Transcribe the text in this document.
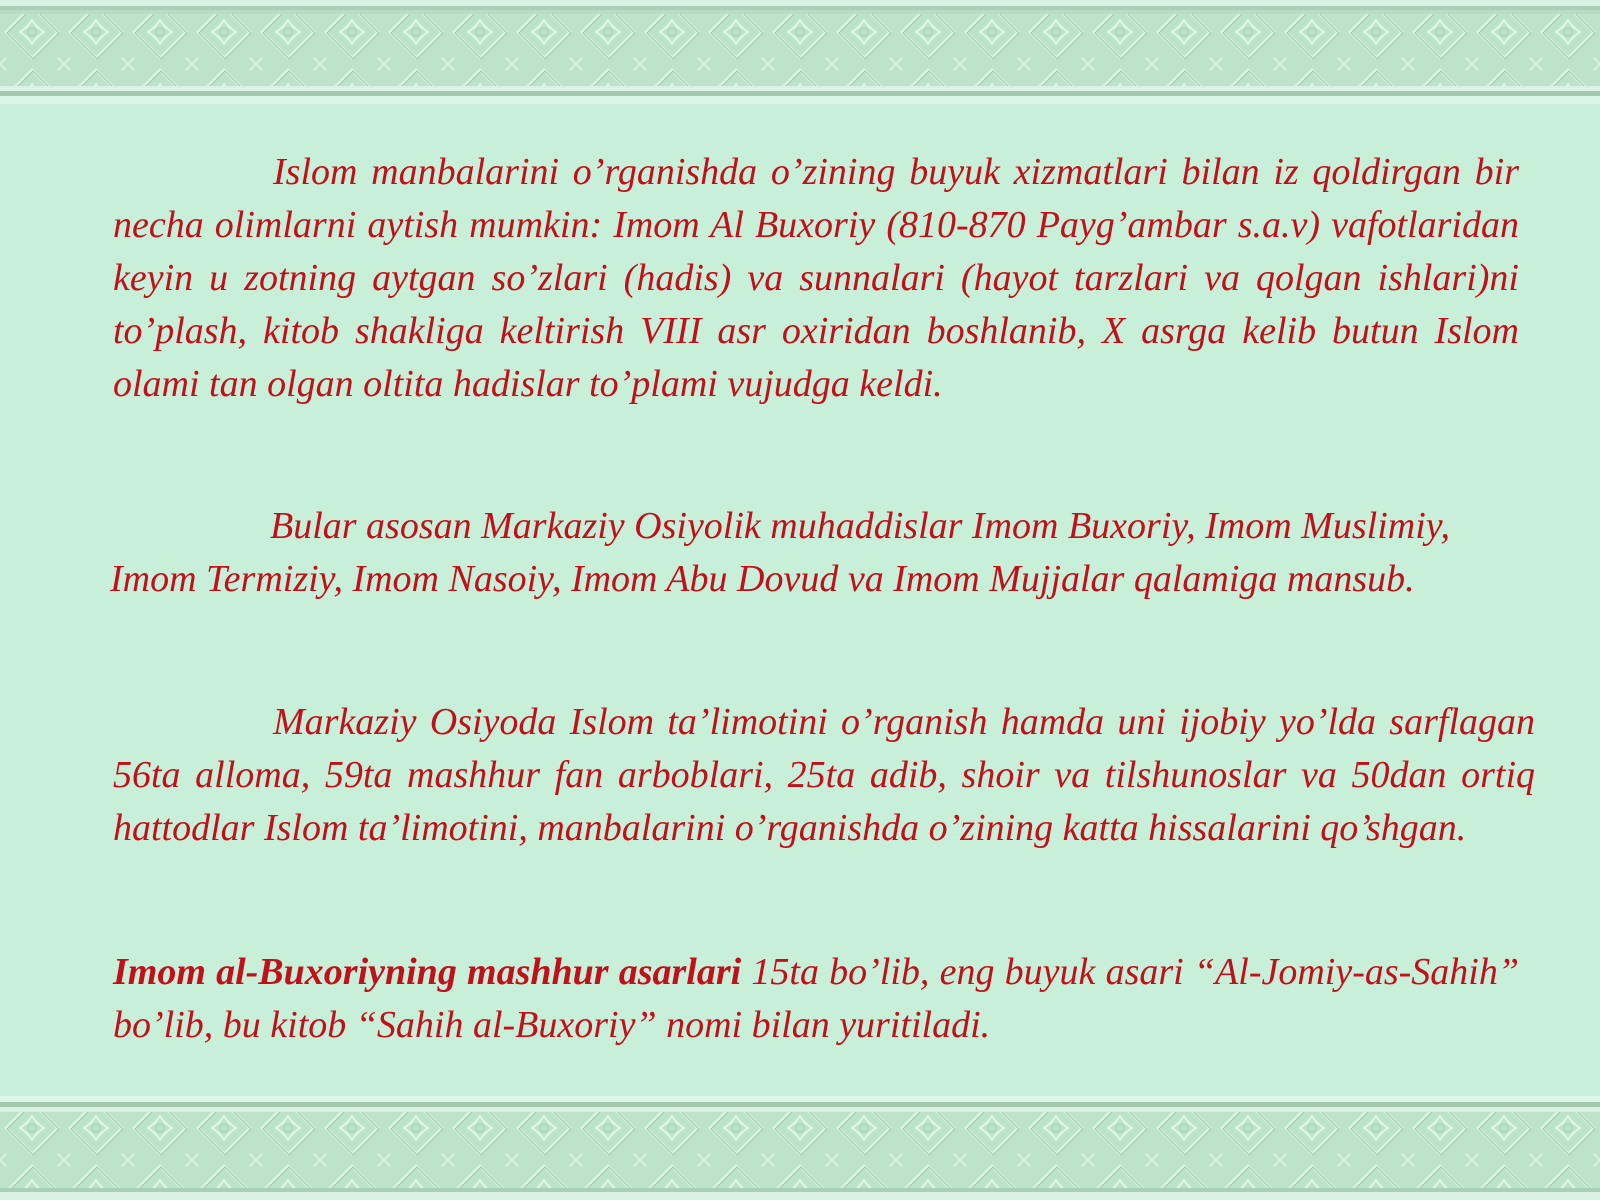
Islom manbalarini o’rganishda o’zining buyuk xizmatlari bilan iz qoldirgan bir necha olimlarni aytish mumkin: Imom Al Buxoriy (810-870 Payg’ambar s.a.v) vafotlaridan keyin u zotning aytgan so’zlari (hadis) va sunnalari (hayot tarzlari va qolgan ishlari)ni to’plash, kitob shakliga keltirish VIII asr oxiridan boshlanib, X asrga kelib butun Islom olami tan olgan oltita hadislar to’plami vujudga keldi.

Bular asosan Markaziy Osiyolik muhaddislar Imom Buxoriy, Imom Muslimiy, Imom Termiziy, Imom Nasoiy, Imom Abu Dovud va Imom Mujjalar qalamiga mansub.

Markaziy Osiyoda Islom ta’limotini o’rganish hamda uni ijobiy yo’lda sarflagan 56ta alloma, 59ta mashhur fan arboblari, 25ta adib, shoir va tilshunoslar va 50dan ortiq hattodlar Islom ta’limotini, manbalarini o’rganishda o’zining katta hissalarini qo’shgan.

Imom al-Buxoriyning mashhur asarlari 15ta bo’lib, eng buyuk asari “Al-Jomiy-as-Sahih” bo’lib, bu kitob “Sahih al-Buxoriy” nomi bilan yuritiladi.
